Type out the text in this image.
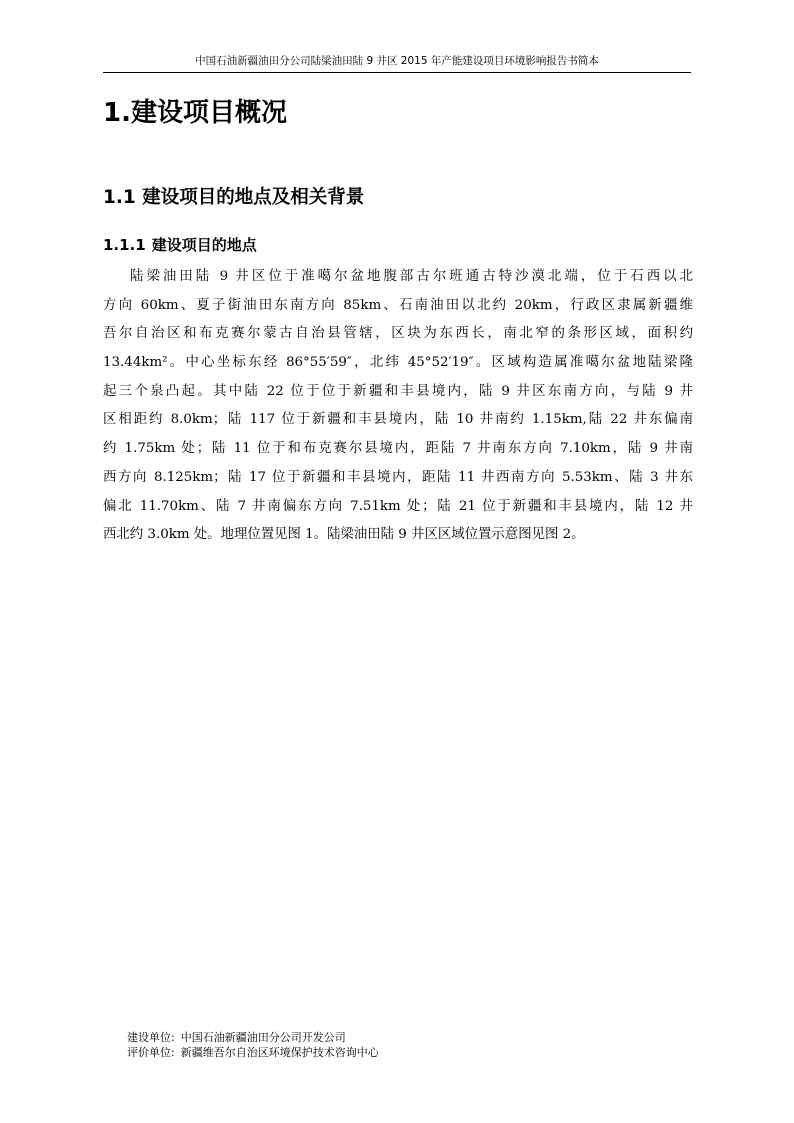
中国石油新疆油田分公司陆梁油田陆 9 井区 2015 年产能建设项目环境影响报告书简本
1.建设项目概况
1.1 建设项目的地点及相关背景
1.1.1 建设项目的地点
陆梁油田陆 9 井区位于准噶尔盆地腹部古尔班通古特沙漠北端，位于石西以北
方向 60km、夏子街油田东南方向 85km、石南油田以北约 20km，行政区隶属新疆维
吾尔自治区和布克赛尔蒙古自治县管辖，区块为东西长，南北窄的条形区域，面积约
13.44km²。中心坐标东经 86°55′59″，北纬 45°52′19″。区域构造属准噶尔盆地陆梁隆
起三个泉凸起。其中陆 22 位于位于新疆和丰县境内，陆 9 井区东南方向，与陆 9 井
区相距约 8.0km；陆 117 位于新疆和丰县境内，陆 10 井南约 1.15km,陆 22 井东偏南
约 1.75km 处；陆 11 位于和布克赛尔县境内，距陆 7 井南东方向 7.10km，陆 9 井南
西方向 8.125km；陆 17 位于新疆和丰县境内，距陆 11 井西南方向 5.53km、陆 3 井东
偏北 11.70km、陆 7 井南偏东方向 7.51km 处；陆 21 位于新疆和丰县境内，陆 12 井
西北约 3.0km 处。地理位置见图 1。陆梁油田陆 9 井区区域位置示意图见图 2。
建设单位: 中国石油新疆油田分公司开发公司
评价单位: 新疆维吾尔自治区环境保护技术咨询中心
